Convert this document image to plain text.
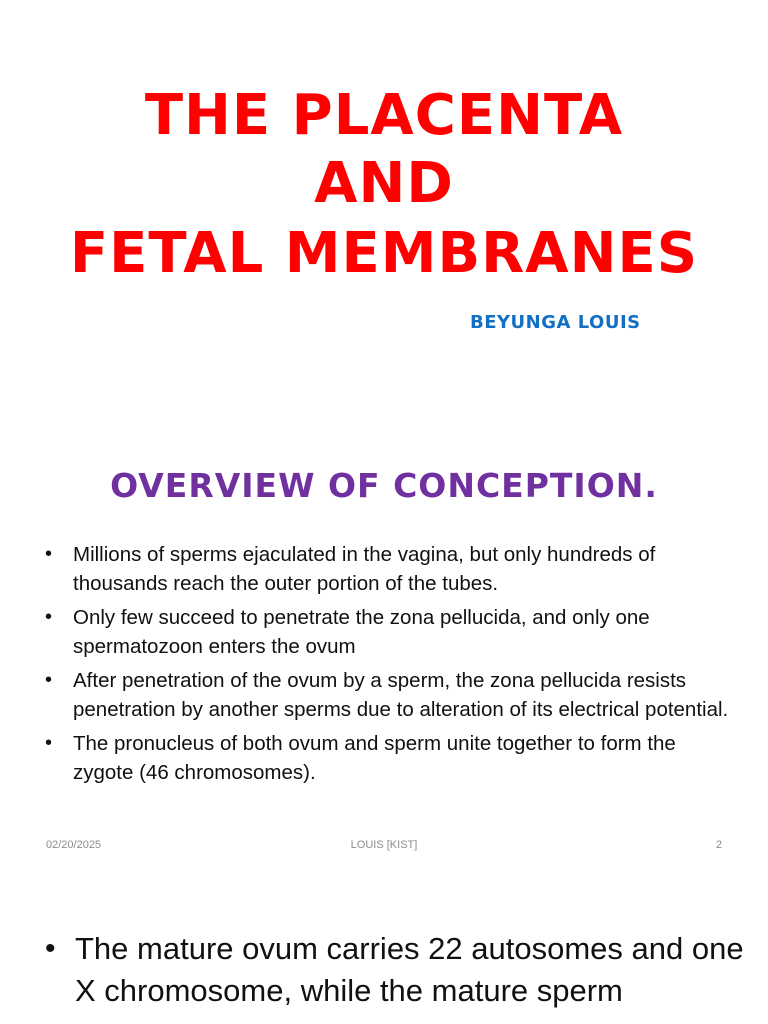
THE PLACENTA
AND
FETAL MEMBRANES
BEYUNGA LOUIS
OVERVIEW OF CONCEPTION.
• Millions of sperms ejaculated in the vagina, but only hundreds of thousands reach the outer portion of the tubes.
• Only few succeed to penetrate the zona pellucida, and only one spermatozoon enters the ovum
• After penetration of the ovum by a sperm, the zona pellucida resists penetration by another sperms due to alteration of its electrical potential.
• The pronucleus of both ovum and sperm unite together to form the zygote (46 chromosomes).
02/20/2025	LOUIS [KIST]	2
• The mature ovum carries 22 autosomes and one X chromosome, while the mature sperm
